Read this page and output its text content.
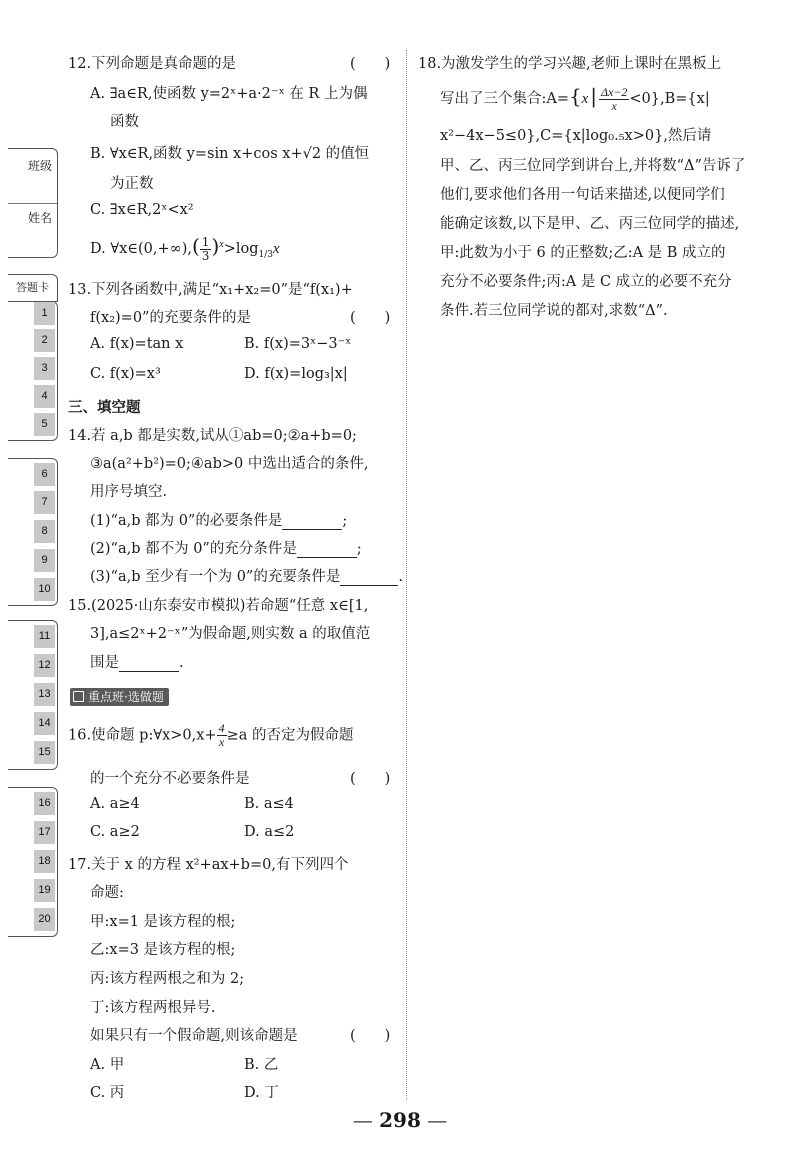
班级
姓名
答题卡
1
2
3
4
5
6
7
8
9
10
11
12
13
14
15
16
17
18
19
20
12.下列命题是真命题的是	(　　)
A. ∃a∈R,使函数 y=2ˣ+a·2⁻ˣ 在 R 上为偶
函数
B. ∀x∈R,函数 y=sin x+cos x+√2 的值恒
为正数
C. ∃x∈R,2ˣ<x²
D. ∀x∈(0,+∞),( $\frac{1}{3} )^x>\log_{1/3}x$
13.下列各函数中,满足“x₁+x₂=0”是“f(x₁)+
f(x₂)=0”的充要条件的是	(　　)
A. f(x)=tan x	B. f(x)=3ˣ−3⁻ˣ
C. f(x)=x³	D. f(x)=log₃|x|
三、填空题
14.若 a,b 都是实数,试从①ab=0;②a+b=0;
③a(a²+b²)=0;④ab>0 中选出适合的条件,
用序号填空.
(1)“a,b 都为 0”的必要条件是	;
(2)“a,b 都不为 0”的充分条件是	;
(3)“a,b 至少有一个为 0”的充要条件是	.
15.(2025·山东泰安市模拟)若命题“任意 x∈[1,
3],a≤2ˣ+2⁻ˣ”为假命题,则实数 a 的取值范
围是	.
重点班·选做题
16.使命题 p:∀x>0,x+ $\frac{4}{x} \ge a$ 的否定为假命题
的一个充分不必要条件是	(　　)
A. a≥4	B. a≤4
C. a≥2	D. a≤2
17.关于 x 的方程 x²+ax+b=0,有下列四个
命题:
甲:x=1 是该方程的根;
乙:x=3 是该方程的根;
丙:该方程两根之和为 2;
丁:该方程两根异号.
如果只有一个假命题,则该命题是	(　　)
A. 甲	B. 乙
C. 丙	D. 丁
18.为激发学生的学习兴趣,老师上课时在黑板上
写出了三个集合:A={x | $\frac{\Delta x-2}{x} <0\},B=\{x|$
x²−4x−5≤0},C={x|log₀.₅x>0},然后请
甲、乙、丙三位同学到讲台上,并将数“Δ”告诉了
他们,要求他们各用一句话来描述,以便同学们
能确定该数,以下是甲、乙、丙三位同学的描述,
甲:此数为小于 6 的正整数;乙:A 是 B 成立的
充分不必要条件;丙:A 是 C 成立的必要不充分
条件.若三位同学说的都对,求数“Δ”.
— 298 —
